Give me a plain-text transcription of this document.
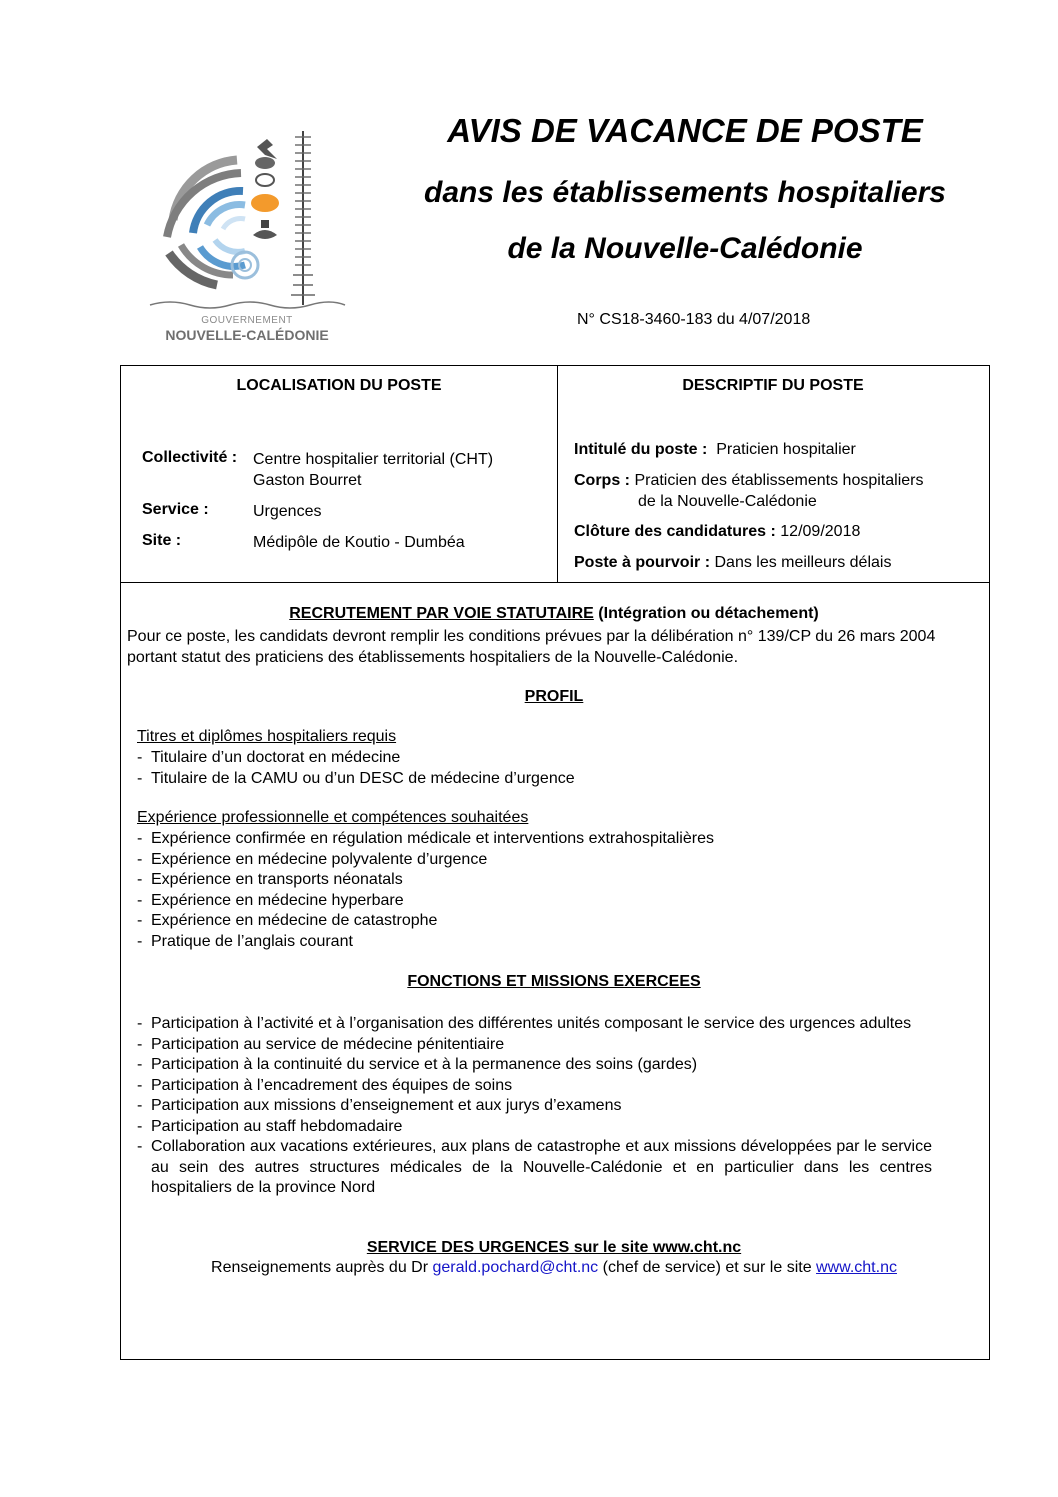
GOUVERNEMENT
NOUVELLE-CALÉDONIE
AVIS DE VACANCE DE POSTE
dans les établissements hospitaliers
de la Nouvelle-Calédonie
N° CS18-3460-183 du 4/07/2018
LOCALISATION DU POSTE
Collectivité : Centre hospitalier territorial (CHT)
Gaston Bourret
Service :	Urgences
Site :	Médipôle de Koutio - Dumbéa
DESCRIPTIF DU POSTE
Intitulé du poste : Praticien hospitalier
Corps : Praticien des établissements hospitaliers
de la Nouvelle-Calédonie
Clôture des candidatures : 12/09/2018
Poste à pourvoir : Dans les meilleurs délais
RECRUTEMENT PAR VOIE STATUTAIRE (Intégration ou détachement)
Pour ce poste, les candidats devront remplir les conditions prévues par la délibération n° 139/CP du 26 mars 2004 portant statut des praticiens des établissements hospitaliers de la Nouvelle-Calédonie.
PROFIL
Titres et diplômes hospitaliers requis
- Titulaire d’un doctorat en médecine
- Titulaire de la CAMU ou d’un DESC de médecine d’urgence
Expérience professionnelle et compétences souhaitées
- Expérience confirmée en régulation médicale et interventions extrahospitalières
- Expérience en médecine polyvalente d’urgence
- Expérience en transports néonatals
- Expérience en médecine hyperbare
- Expérience en médecine de catastrophe
- Pratique de l’anglais courant
FONCTIONS ET MISSIONS EXERCEES
- Participation à l’activité et à l’organisation des différentes unités composant le service des urgences adultes
- Participation au service de médecine pénitentiaire
- Participation à la continuité du service et à la permanence des soins (gardes)
- Participation à l’encadrement des équipes de soins
- Participation aux missions d’enseignement et aux jurys d’examens
- Participation au staff hebdomadaire
- Collaboration aux vacations extérieures, aux plans de catastrophe et aux missions développées par le service au sein des autres structures médicales de la Nouvelle-Calédonie et en particulier dans les centres hospitaliers de la province Nord
SERVICE DES URGENCES sur le site www.cht.nc
Renseignements auprès du Dr gerald.pochard@cht.nc (chef de service) et sur le site www.cht.nc
